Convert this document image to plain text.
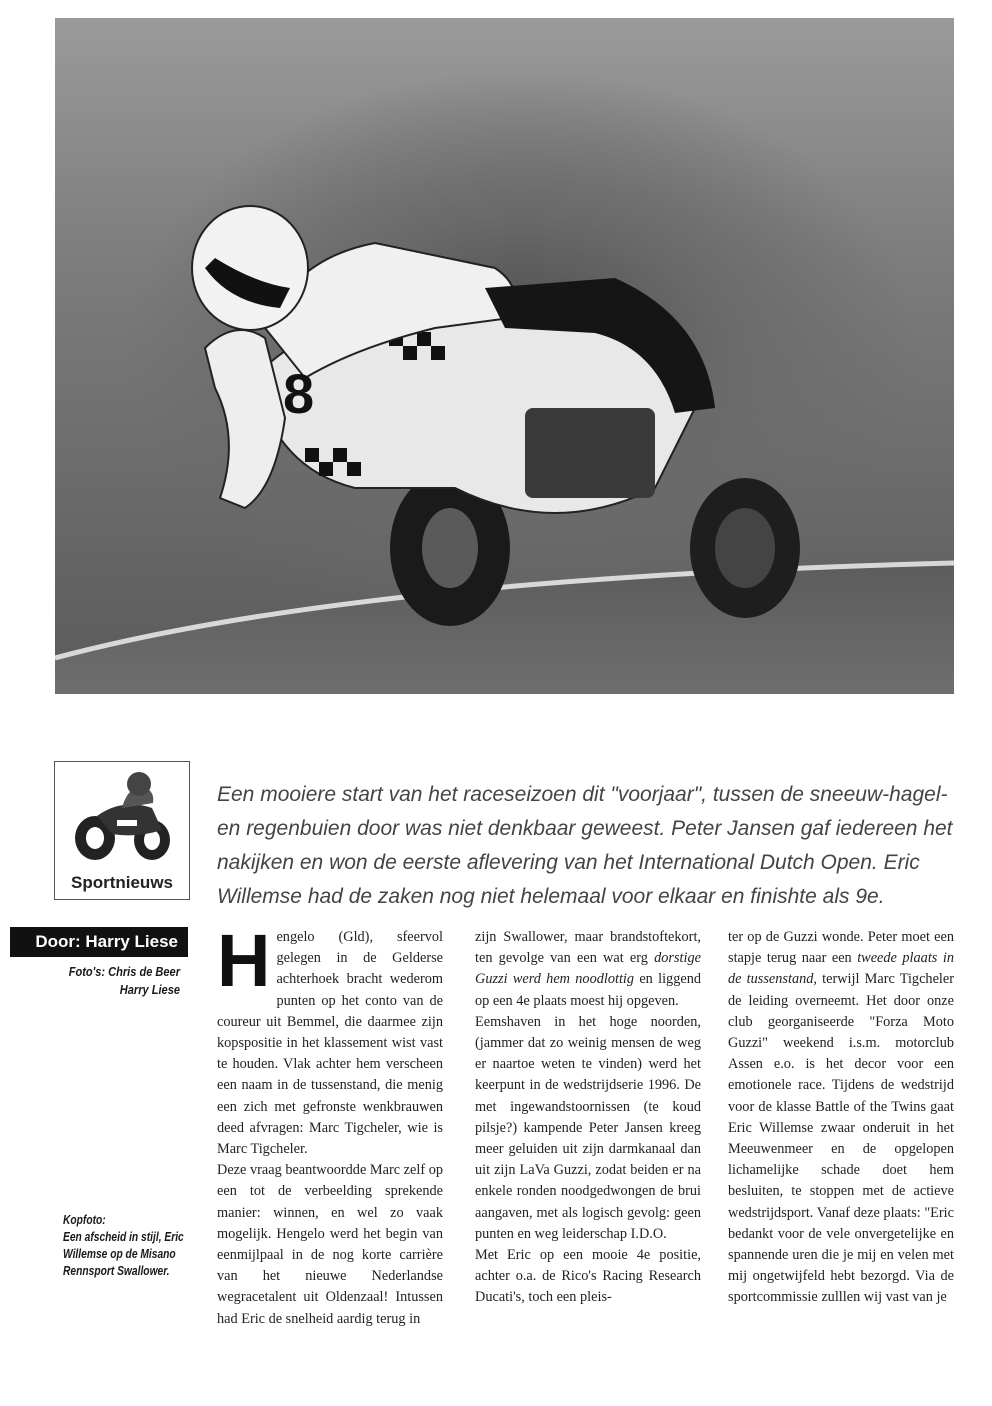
8
Sportnieuws
Door: Harry Liese
Foto's: Chris de Beer
Harry Liese
Kopfoto:
Een afscheid in stijl, Eric Willemse op de Misano Rennsport Swallower.
Een mooiere start van het raceseizoen dit "voorjaar", tussen de sneeuw-hagel- en regenbuien door was niet denkbaar geweest. Peter Jansen gaf iedereen het nakijken en won de eerste aflevering van het International Dutch Open. Eric Willemse had de zaken nog niet helemaal voor elkaar en finishte als 9e.

Hengelo (Gld), sfeervol gelegen in de Gelderse achterhoek bracht wederom punten op het conto van de coureur uit Bemmel, die daarmee zijn kopspositie in het klassement wist vast te houden. Vlak achter hem verscheen een naam in de tussenstand, die menig een zich met gefronste wenkbrauwen deed afvragen: Marc Tigcheler, wie is Marc Tigcheler.

Deze vraag beantwoordde Marc zelf op een tot de verbeelding sprekende manier: winnen, en wel zo vaak mogelijk. Hengelo werd het begin van eenmijlpaal in de nog korte carrière van het nieuwe Nederlandse wegracetalent uit Oldenzaal! Intussen had Eric de snelheid aardig terug in

zijn Swallower, maar brandstoftekort, ten gevolge van een wat erg dorstige Guzzi werd hem noodlottig en liggend op een 4e plaats moest hij opgeven.

Eemshaven in het hoge noorden, (jammer dat zo weinig mensen de weg er naartoe weten te vinden) werd het keerpunt in de wedstrijdserie 1996. De met ingewandstoornissen (te koud pilsje?) kampende Peter Jansen kreeg meer geluiden uit zijn darmkanaal dan uit zijn LaVa Guzzi, zodat beiden er na enkele ronden noodgedwongen de brui aangaven, met als logisch gevolg: geen punten en weg leiderschap I.D.O.

Met Eric op een mooie 4e positie, achter o.a. de Rico's Racing Research Ducati's, toch een pleis-

ter op de Guzzi wonde. Peter moet een stapje terug naar een tweede plaats in de tussenstand, terwijl Marc Tigcheler de leiding overneemt. Het door onze club georganiseerde "Forza Moto Guzzi" weekend i.s.m. motorclub Assen e.o. is het decor voor een emotionele race. Tijdens de wedstrijd voor de klasse Battle of the Twins gaat Eric Willemse zwaar onderuit in het Meeuwenmeer en de opgelopen lichamelijke schade doet hem besluiten, te stoppen met de actieve wedstrijdsport. Vanaf deze plaats: "Eric bedankt voor de vele onvergetelijke en spannende uren die je mij en velen met mij ongetwijfeld hebt bezorgd. Via de sportcommissie zulllen wij vast van je
